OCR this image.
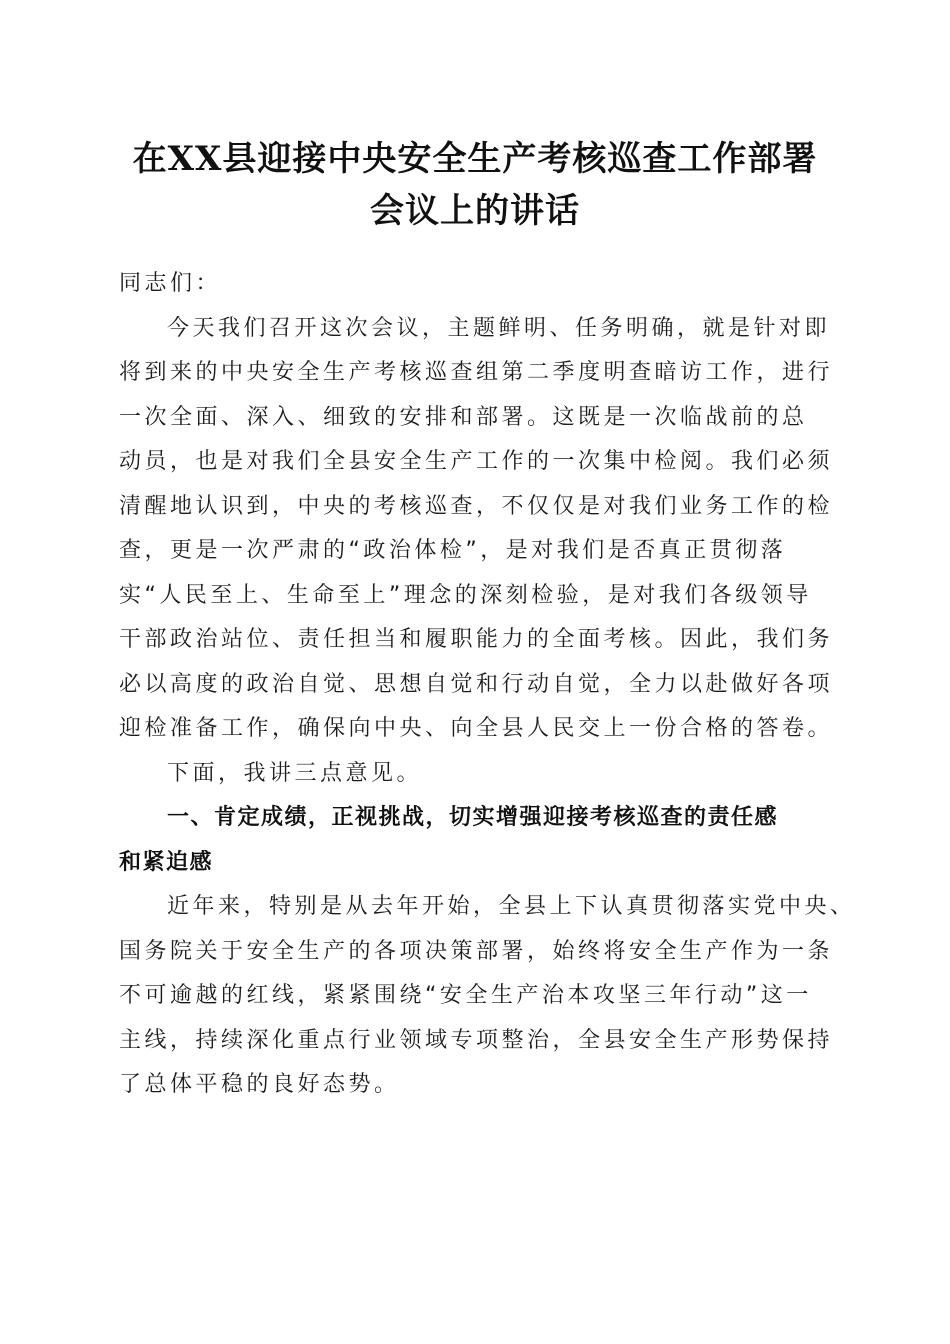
在XX县迎接中央安全生产考核巡查工作部署
会议上的讲话
同志们：
今天我们召开这次会议，主题鲜明、任务明确，就是针对即
将到来的中央安全生产考核巡查组第二季度明查暗访工作，进行
一次全面、深入、细致的安排和部署。这既是一次临战前的总
动员，也是对我们全县安全生产工作的一次集中检阅。我们必须
清醒地认识到，中央的考核巡查，不仅仅是对我们业务工作的检
查，更是一次严肃的“政治体检”，是对我们是否真正贯彻落
实“人民至上、生命至上”理念的深刻检验，是对我们各级领导
干部政治站位、责任担当和履职能力的全面考核。因此，我们务
必以高度的政治自觉、思想自觉和行动自觉，全力以赴做好各项
迎检准备工作，确保向中央、向全县人民交上一份合格的答卷。
下面，我讲三点意见。
一、肯定成绩，正视挑战，切实增强迎接考核巡查的责任感
和紧迫感
近年来，特别是从去年开始，全县上下认真贯彻落实党中央、
国务院关于安全生产的各项决策部署，始终将安全生产作为一条
不可逾越的红线，紧紧围绕“安全生产治本攻坚三年行动”这一
主线，持续深化重点行业领域专项整治，全县安全生产形势保持
了总体平稳的良好态势。
